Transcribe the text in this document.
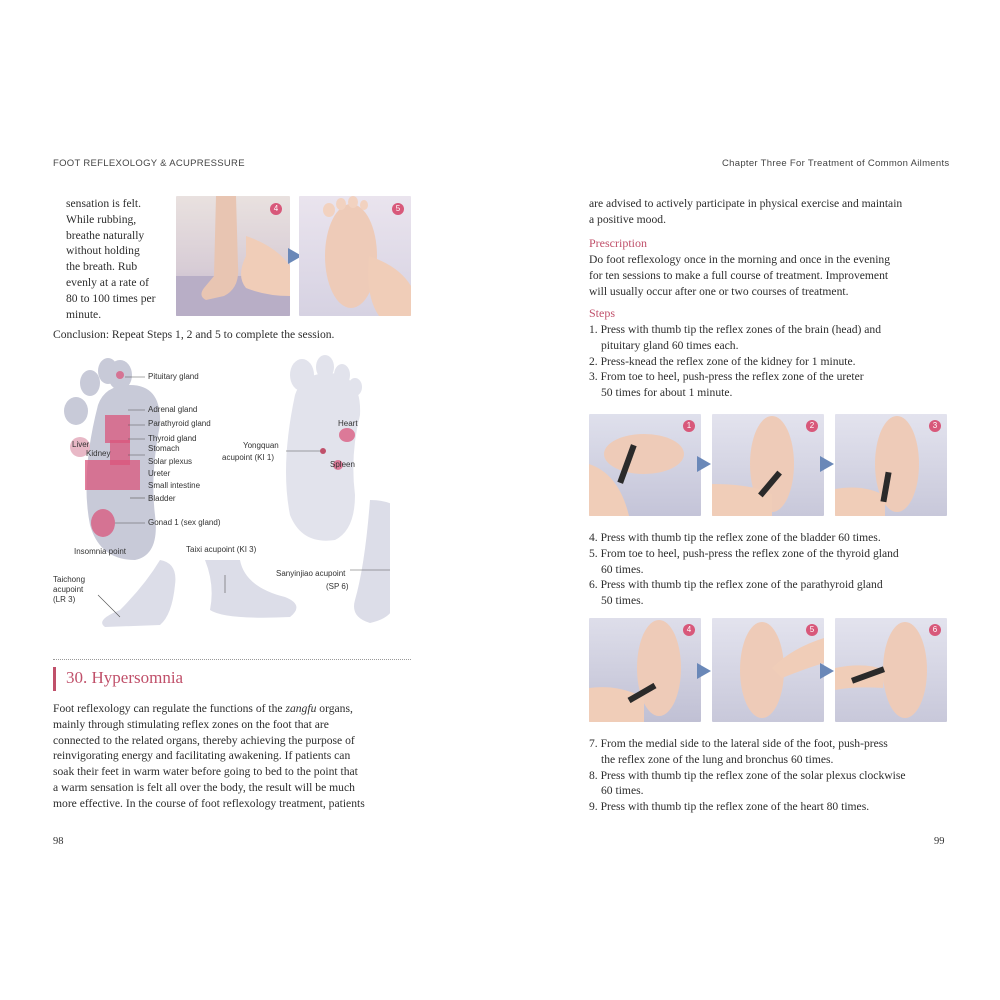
FOOT REFLEXOLOGY & ACUPRESSURE	Chapter Three For Treatment of Common Ailments
sensation is felt.
While rubbing,
breathe naturally
without holding
the breath. Rub
evenly at a rate of
80 to 100 times per
minute.
4	5
Conclusion: Repeat Steps 1, 2 and 5 to complete the session.
Pituitary gland
Adrenal gland
Parathyroid gland
Thyroid gland
Stomach
Solar plexus
Ureter
Small intestine
Bladder
Gonad 1 (sex gland)
Liver
Kidney
Insomnia point
Yongquan
acupoint (KI 1)
Heart
Spleen
Taixi acupoint (KI 3)
Sanyinjiao acupoint
(SP 6)
Taichong
acupoint
(LR 3)
30. Hypersomnia
Foot reflexology can regulate the functions of the zangfu organs,
mainly through stimulating reflex zones on the foot that are
connected to the related organs, thereby achieving the purpose of
reinvigorating energy and facilitating awakening. If patients can
soak their feet in warm water before going to bed to the point that
a warm sensation is felt all over the body, the result will be much
more effective. In the course of foot reflexology treatment, patients
98
are advised to actively participate in physical exercise and maintain
a positive mood.
Prescription
Do foot reflexology once in the morning and once in the evening
for ten sessions to make a full course of treatment. Improvement
will usually occur after one or two courses of treatment.
Steps
1. Press with thumb tip the reflex zones of the brain (head) and
pituitary gland 60 times each.
2. Press-knead the reflex zone of the kidney for 1 minute.
3. From toe to heel, push-press the reflex zone of the ureter
50 times for about 1 minute.
1	2	3
4. Press with thumb tip the reflex zone of the bladder 60 times.
5. From toe to heel, push-press the reflex zone of the thyroid gland
60 times.
6. Press with thumb tip the reflex zone of the parathyroid gland
50 times.
4	5	6
7. From the medial side to the lateral side of the foot, push-press
the reflex zone of the lung and bronchus 60 times.
8. Press with thumb tip the reflex zone of the solar plexus clockwise
60 times.
9. Press with thumb tip the reflex zone of the heart 80 times.
99
